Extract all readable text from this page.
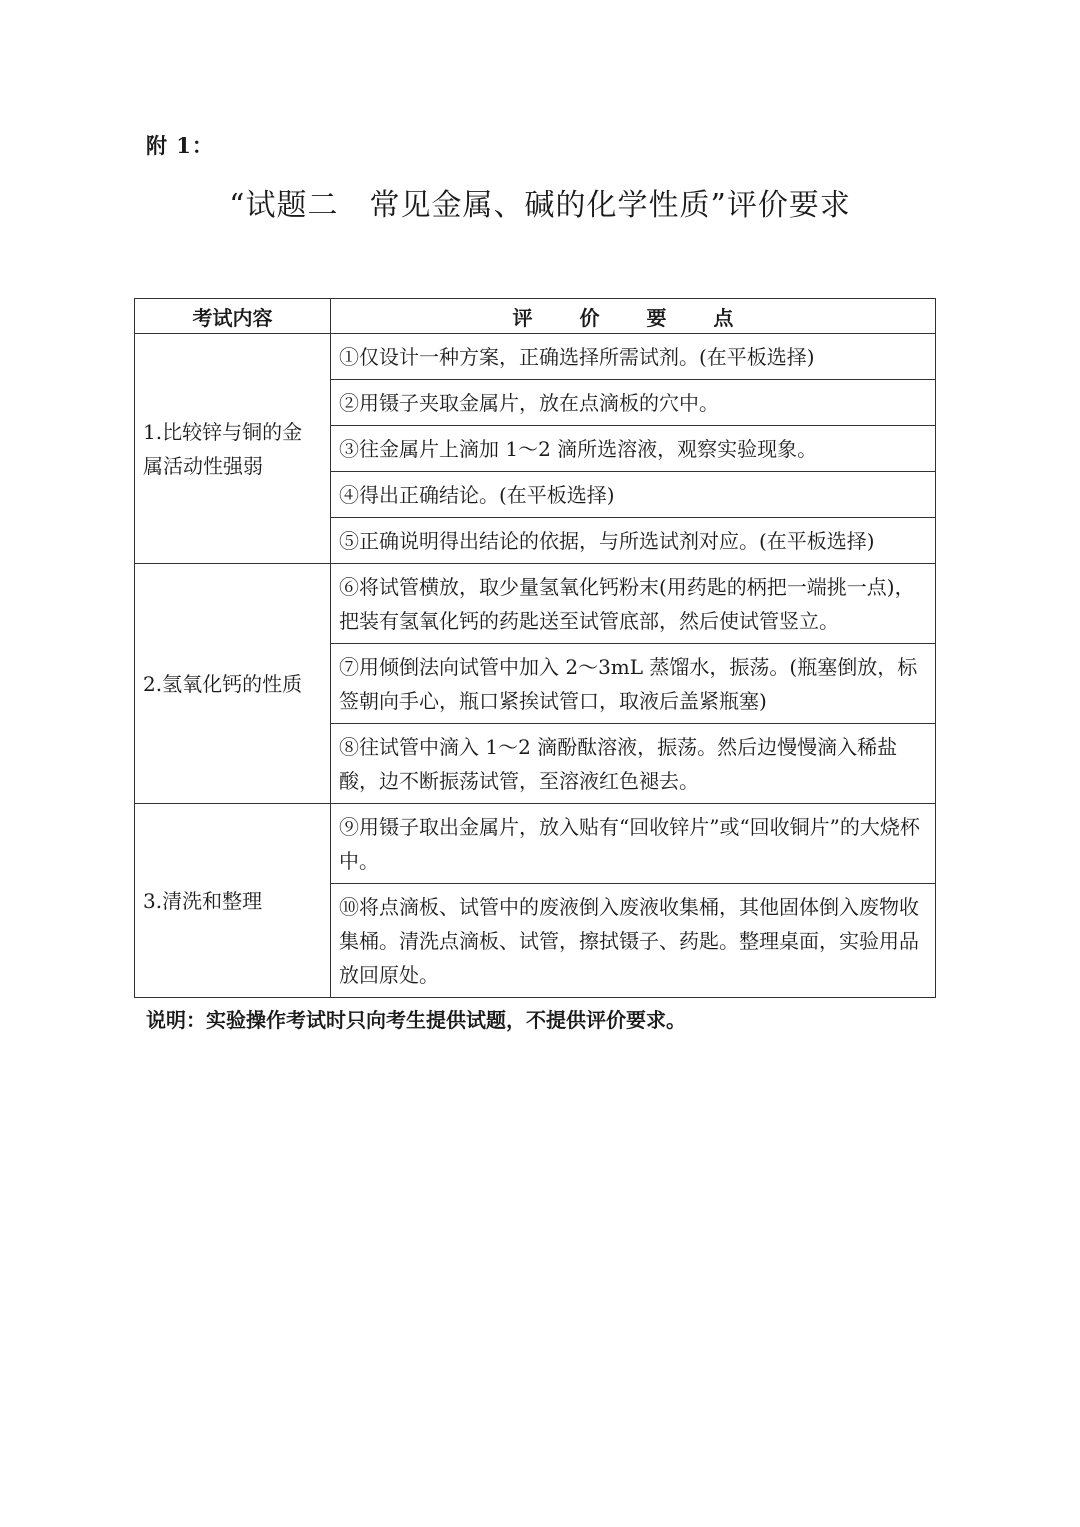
附 1：
“试题二　常见金属、碱的化学性质”评价要求
考试内容	评 价 要 点
1.比较锌与铜的金属活动性强弱	①仅设计一种方案，正确选择所需试剂。(在平板选择)
	②用镊子夹取金属片，放在点滴板的穴中。
	③往金属片上滴加 1～2 滴所选溶液，观察实验现象。
	④得出正确结论。(在平板选择)
	⑤正确说明得出结论的依据，与所选试剂对应。(在平板选择)
2.氢氧化钙的性质	⑥将试管横放，取少量氢氧化钙粉末(用药匙的柄把一端挑一点)，把装有氢氧化钙的药匙送至试管底部，然后使试管竖立。
	⑦用倾倒法向试管中加入 2～3mL 蒸馏水，振荡。(瓶塞倒放，标签朝向手心，瓶口紧挨试管口，取液后盖紧瓶塞)
	⑧往试管中滴入 1～2 滴酚酞溶液，振荡。然后边慢慢滴入稀盐酸，边不断振荡试管，至溶液红色褪去。
3.清洗和整理	⑨用镊子取出金属片，放入贴有“回收锌片”或“回收铜片”的大烧杯中。
	⑩将点滴板、试管中的废液倒入废液收集桶，其他固体倒入废物收集桶。清洗点滴板、试管，擦拭镊子、药匙。整理桌面，实验用品放回原处。
说明：实验操作考试时只向考生提供试题，不提供评价要求。
